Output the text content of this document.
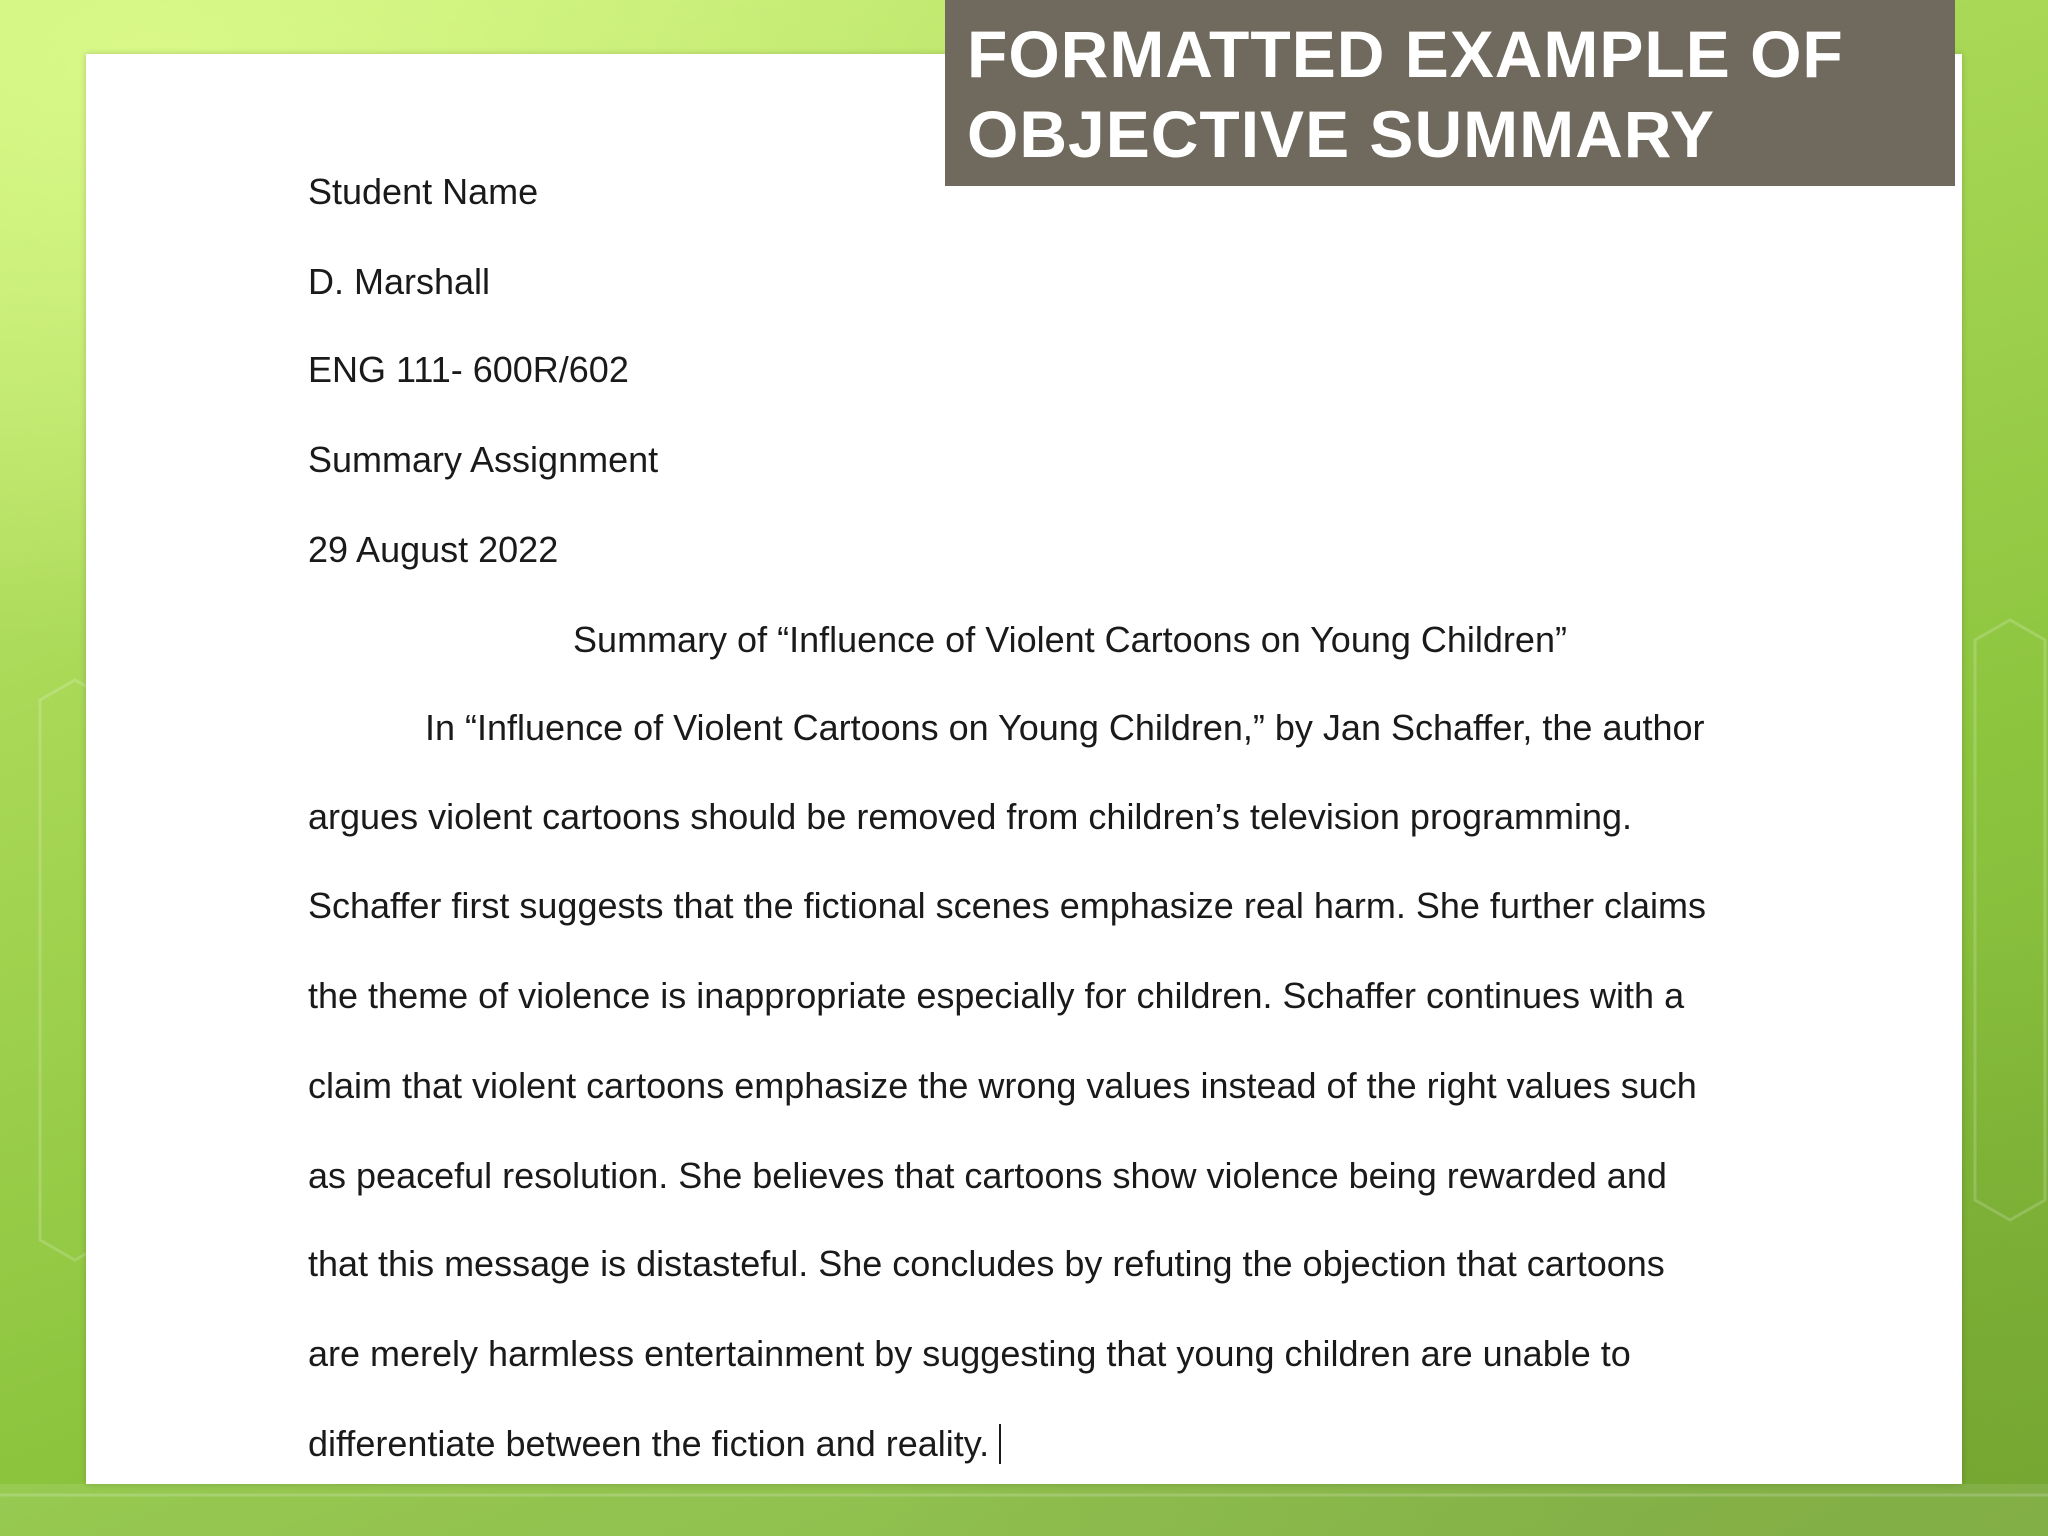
FORMATTED EXAMPLE OF
OBJECTIVE SUMMARY
Student Name
D. Marshall
ENG 111- 600R/602
Summary Assignment
29 August 2022
Summary of “Influence of Violent Cartoons on Young Children”
In “Influence of Violent Cartoons on Young Children,” by Jan Schaffer, the author
argues violent cartoons should be removed from children’s television programming.
Schaffer first suggests that the fictional scenes emphasize real harm. She further claims
the theme of violence is inappropriate especially for children. Schaffer continues with a
claim that violent cartoons emphasize the wrong values instead of the right values such
as peaceful resolution. She believes that cartoons show violence being rewarded and
that this message is distasteful. She concludes by refuting the objection that cartoons
are merely harmless entertainment by suggesting that young children are unable to
differentiate between the fiction and reality.
